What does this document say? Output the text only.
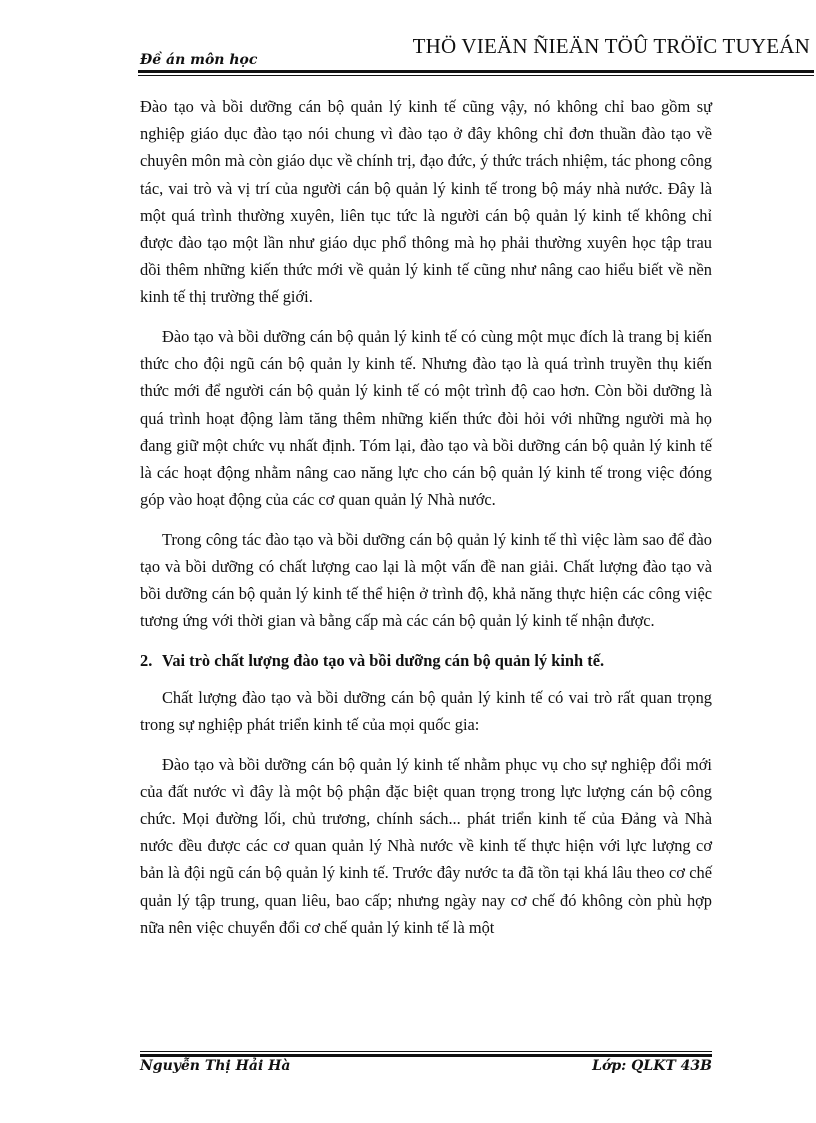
Đề án môn học
THÖ VIEÄN ÑIEÄN TÖÛ TRÖÏC TUYEÁN

Đào tạo và bồi dưỡng cán bộ quản lý kinh tế cũng vậy, nó không chỉ bao gồm sự nghiệp giáo dục đào tạo nói chung vì đào tạo ở đây không chỉ đơn thuần đào tạo về chuyên môn mà còn giáo dục về chính trị, đạo đức, ý thức trách nhiệm, tác phong công tác, vai trò và vị trí của người cán bộ quản lý kinh tế trong bộ máy nhà nước. Đây là một quá trình thường xuyên, liên tục tức là người cán bộ quản lý kinh tế không chỉ được đào tạo một lần như giáo dục phổ thông mà họ phải thường xuyên học tập trau dồi thêm những kiến thức mới về quản lý kinh tế cũng như nâng cao hiểu biết về nền kinh tế thị trường thế giới.

Đào tạo và bồi dưỡng cán bộ quản lý kinh tế có cùng một mục đích là trang bị kiến thức cho đội ngũ cán bộ quản ly kinh tế. Nhưng đào tạo là quá trình truyền thụ kiến thức mới để người cán bộ quản lý kinh tế có một trình độ cao hơn. Còn bồi dưỡng là quá trình hoạt động làm tăng thêm những kiến thức đòi hỏi với những người mà họ đang giữ một chức vụ nhất định. Tóm lại, đào tạo và bồi dưỡng cán bộ quản lý kinh tế là các hoạt động nhằm nâng cao năng lực cho cán bộ quản lý kinh tế trong việc đóng góp vào hoạt động của các cơ quan quản lý Nhà nước.

Trong công tác đào tạo và bồi dưỡng cán bộ quản lý kinh tế thì việc làm sao để đào tạo và bồi dưỡng có chất lượng cao lại là một vấn đề nan giải. Chất lượng đào tạo và bồi dưỡng cán bộ quản lý kinh tế thể hiện ở trình độ, khả năng thực hiện các công việc tương ứng với thời gian và bằng cấp mà các cán bộ quản lý kinh tế nhận được.

2. Vai trò chất lượng đào tạo và bồi dưỡng cán bộ quản lý kinh tế.

Chất lượng đào tạo và bồi dưỡng cán bộ quản lý kinh tế có vai trò rất quan trọng trong sự nghiệp phát triển kinh tế của mọi quốc gia:

Đào tạo và bồi dưỡng cán bộ quản lý kinh tế nhằm phục vụ cho sự nghiệp đổi mới của đất nước vì đây là một bộ phận đặc biệt quan trọng trong lực lượng cán bộ công chức. Mọi đường lối, chủ trương, chính sách... phát triển kinh tế của Đảng và Nhà nước đều được các cơ quan quản lý Nhà nước về kinh tế thực hiện với lực lượng cơ bản là đội ngũ cán bộ quản lý kinh tế. Trước đây nước ta đã tồn tại khá lâu theo cơ chế quản lý tập trung, quan liêu, bao cấp; nhưng ngày nay cơ chế đó không còn phù hợp nữa nên việc chuyển đổi cơ chế quản lý kinh tế là một

Nguyễn Thị Hải Hà	Lớp: QLKT 43B
